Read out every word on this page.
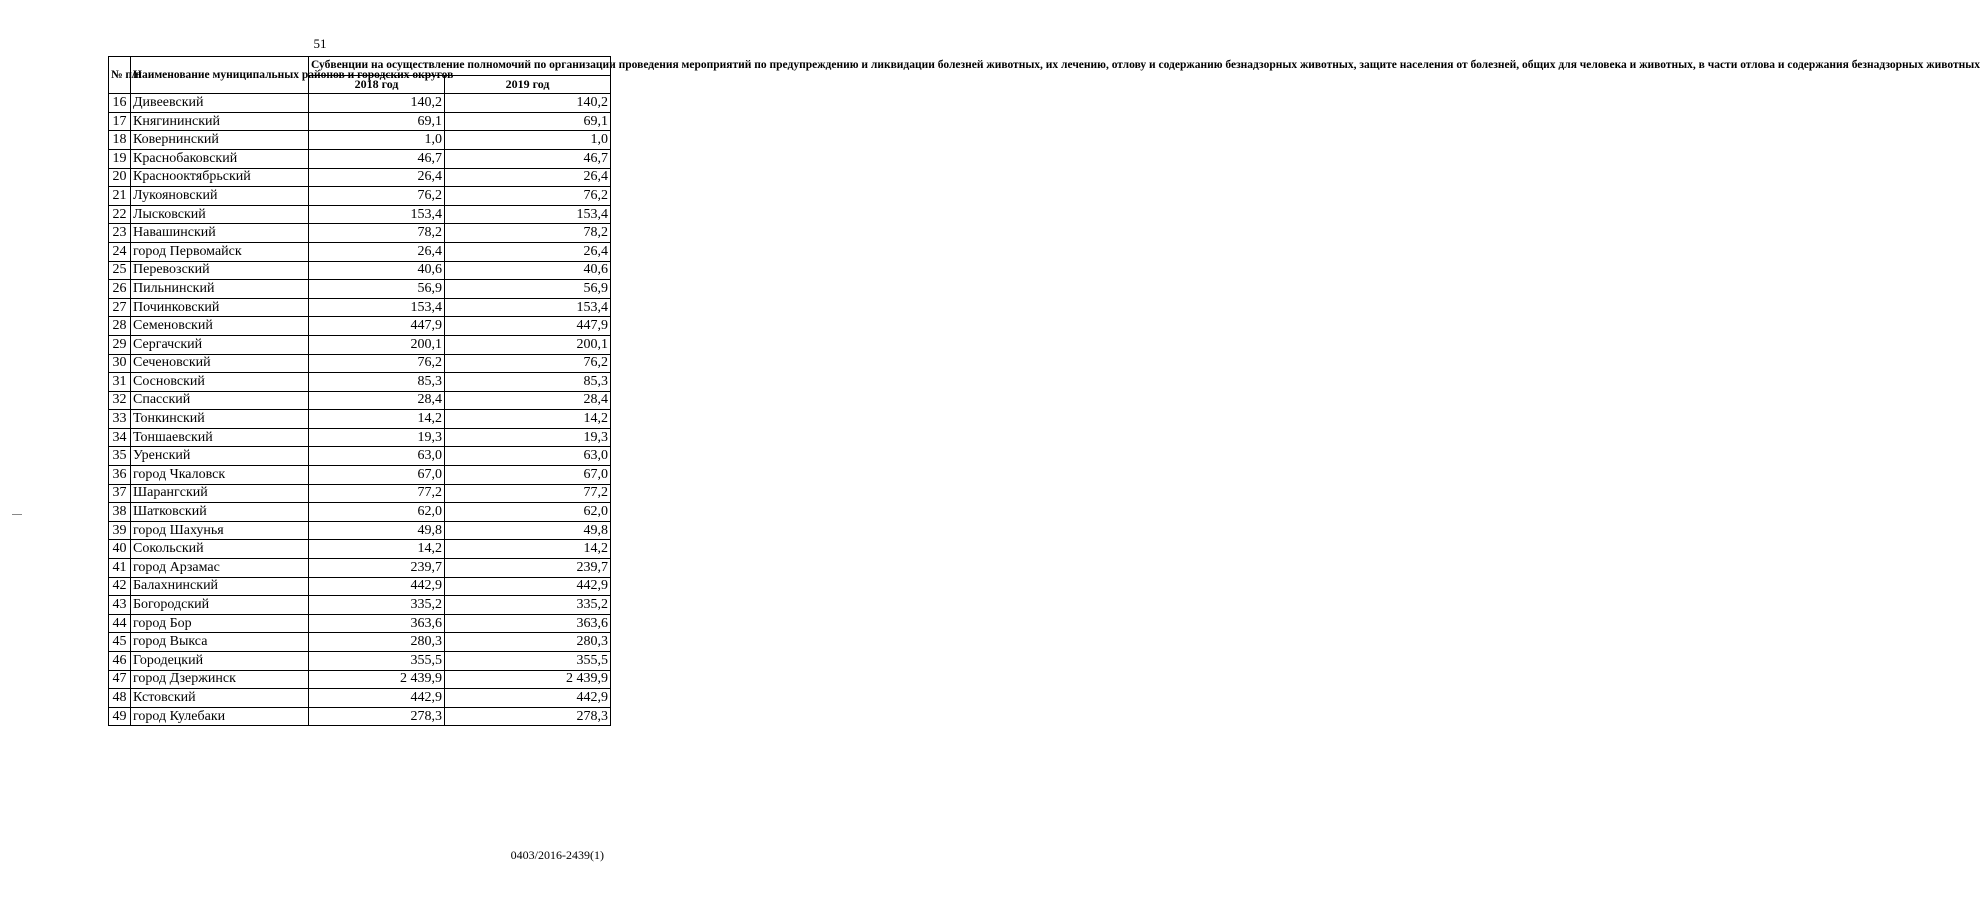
51
№ п/п	Наименование муниципальных районов и городских округов	Субвенции на осуществление полномочий по организации проведения мероприятий по предупреждению и ликвидации болезней животных, их лечению, отлову и содержанию безнадзорных животных, защите населения от болезней, общих для человека и животных, в части отлова и содержания безнадзорных животных	
		2018 год	2019 год
16	Дивеевский	140,2	140,2
17	Княгининский	69,1	69,1
18	Ковернинский	1,0	1,0
19	Краснобаковский	46,7	46,7
20	Краснооктябрьский	26,4	26,4
21	Лукояновский	76,2	76,2
22	Лысковский	153,4	153,4
23	Навашинский	78,2	78,2
24	город Первомайск	26,4	26,4
25	Перевозский	40,6	40,6
26	Пильнинский	56,9	56,9
27	Починковский	153,4	153,4
28	Семеновский	447,9	447,9
29	Сергачский	200,1	200,1
30	Сеченовский	76,2	76,2
31	Сосновский	85,3	85,3
32	Спасский	28,4	28,4
33	Тонкинский	14,2	14,2
34	Тоншаевский	19,3	19,3
35	Уренский	63,0	63,0
36	город Чкаловск	67,0	67,0
37	Шарангский	77,2	77,2
38	Шатковский	62,0	62,0
39	город Шахунья	49,8	49,8
40	Сокольский	14,2	14,2
41	город Арзамас	239,7	239,7
42	Балахнинский	442,9	442,9
43	Богородский	335,2	335,2
44	город Бор	363,6	363,6
45	город Выкса	280,3	280,3
46	Городецкий	355,5	355,5
47	город Дзержинск	2 439,9	2 439,9
48	Кстовский	442,9	442,9
49	город Кулебаки	278,3	278,3
0403/2016-2439(1)
